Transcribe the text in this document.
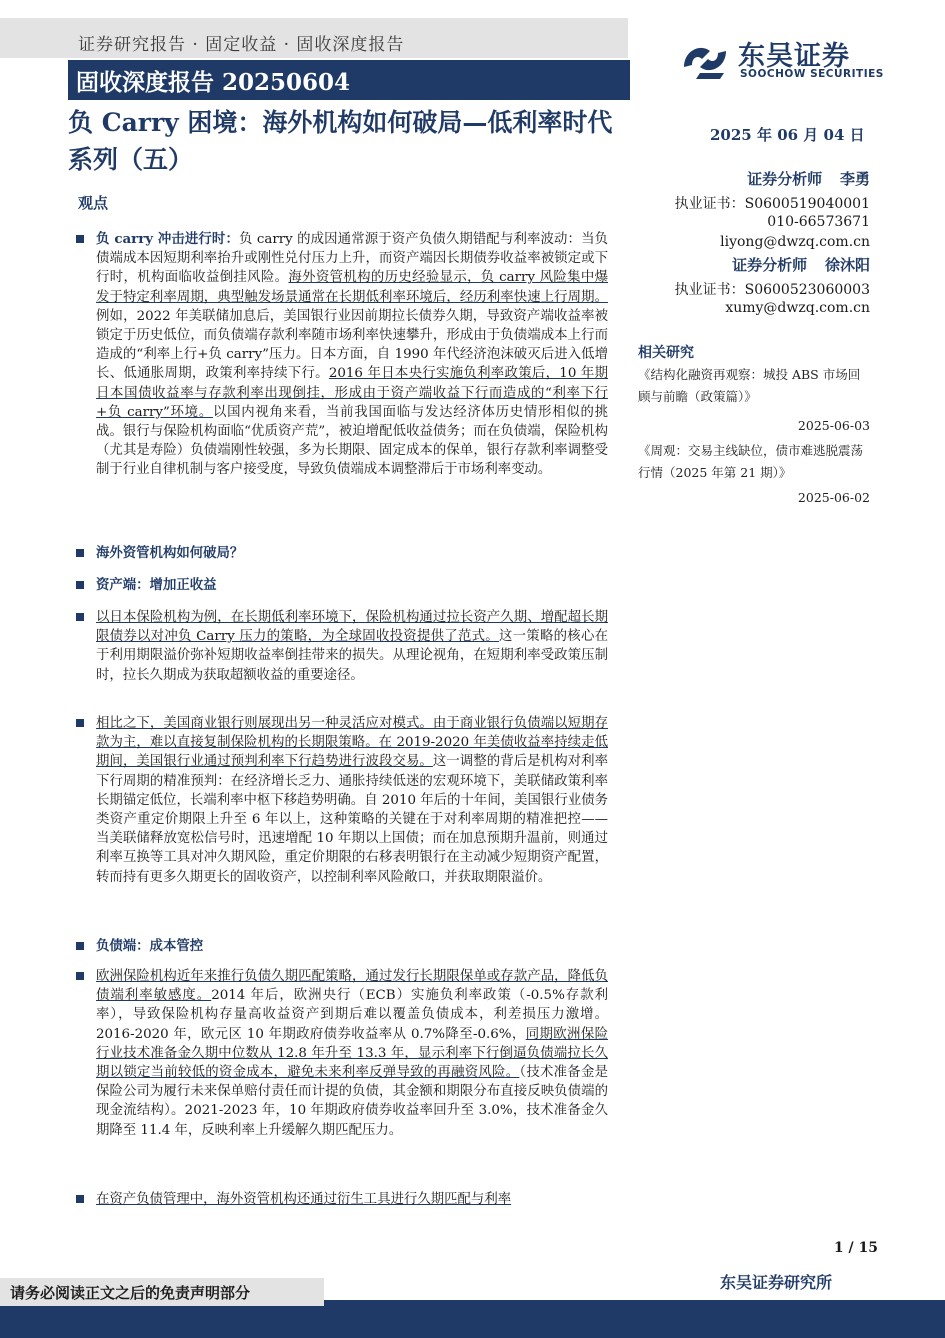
证券研究报告 · 固定收益 · 固收深度报告
固收深度报告 20250604
东吴证券
SOOCHOW SECURITIES
负 Carry 困境：海外机构如何破局—低利率时代系列（五）
2025 年 06 月 04 日
证券分析师 李勇
执业证书：S0600519040001
010-66573671
liyong@dwzq.com.cn
证券分析师 徐沐阳
执业证书：S0600523060003
xumy@dwzq.com.cn
相关研究
《结构化融资再观察：城投 ABS 市场回顾与前瞻（政策篇）》
2025-06-03
《周观：交易主线缺位，债市难逃脱震荡行情（2025 年第 21 期）》
2025-06-02
观点
负 carry 冲击进行时：负 carry 的成因通常源于资产负债久期错配与利率波动：当负债端成本因短期利率抬升或刚性兑付压力上升，而资产端因长期债券收益率被锁定或下行时，机构面临收益倒挂风险。海外资管机构的历史经验显示，负 carry 风险集中爆发于特定利率周期，典型触发场景通常在长期低利率环境后，经历利率快速上行周期。例如，2022 年美联储加息后，美国银行业因前期拉长债券久期，导致资产端收益率被锁定于历史低位，而负债端存款利率随市场利率快速攀升，形成由于负债端成本上行而造成的“利率上行+负 carry”压力。日本方面，自 1990 年代经济泡沫破灭后进入低增长、低通胀周期，政策利率持续下行。2016 年日本央行实施负利率政策后，10 年期日本国债收益率与存款利率出现倒挂，形成由于资产端收益下行而造成的“利率下行+负 carry”环境。以国内视角来看，当前我国面临与发达经济体历史情形相似的挑战。银行与保险机构面临“优质资产荒”，被迫增配低收益债务；而在负债端，保险机构（尤其是寿险）负债端刚性较强，多为长期限、固定成本的保单，银行存款利率调整受制于行业自律机制与客户接受度，导致负债端成本调整滞后于市场利率变动。
海外资管机构如何破局？
资产端：增加正收益
以日本保险机构为例，在长期低利率环境下，保险机构通过拉长资产久期、增配超长期限债券以对冲负 Carry 压力的策略，为全球固收投资提供了范式。这一策略的核心在于利用期限溢价弥补短期收益率倒挂带来的损失。从理论视角，在短期利率受政策压制时，拉长久期成为获取超额收益的重要途径。
相比之下，美国商业银行则展现出另一种灵活应对模式。由于商业银行负债端以短期存款为主，难以直接复制保险机构的长期限策略。在 2019-2020 年美债收益率持续走低期间，美国银行业通过预判利率下行趋势进行波段交易。这一调整的背后是机构对利率下行周期的精准预判：在经济增长乏力、通胀持续低迷的宏观环境下，美联储政策利率长期锚定低位，长端利率中枢下移趋势明确。自 2010 年后的十年间，美国银行业债务类资产重定价期限上升至 6 年以上，这种策略的关键在于对利率周期的精准把控——当美联储释放宽松信号时，迅速增配 10 年期以上国债；而在加息预期升温前，则通过利率互换等工具对冲久期风险，重定价期限的右移表明银行在主动减少短期资产配置，转而持有更多久期更长的固收资产，以控制利率风险敞口，并获取期限溢价。
负债端：成本管控
欧洲保险机构近年来推行负债久期匹配策略，通过发行长期限保单或存款产品，降低负债端利率敏感度。2014 年后，欧洲央行（ECB）实施负利率政策（-0.5%存款利率），导致保险机构存量高收益资产到期后难以覆盖负债成本，利差损压力激增。2016-2020 年，欧元区 10 年期政府债券收益率从 0.7%降至-0.6%，同期欧洲保险行业技术准备金久期中位数从 12.8 年升至 13.3 年，显示利率下行倒逼负债端拉长久期以锁定当前较低的资金成本，避免未来利率反弹导致的再融资风险。（技术准备金是保险公司为履行未来保单赔付责任而计提的负债，其金额和期限分布直接反映负债端的现金流结构）。2021-2023 年，10 年期政府债券收益率回升至 3.0%，技术准备金久期降至 11.4 年，反映利率上升缓解久期匹配压力。
在资产负债管理中，海外资管机构还通过衍生工具进行久期匹配与利率
1 / 15
东吴证券研究所
请务必阅读正文之后的免责声明部分
